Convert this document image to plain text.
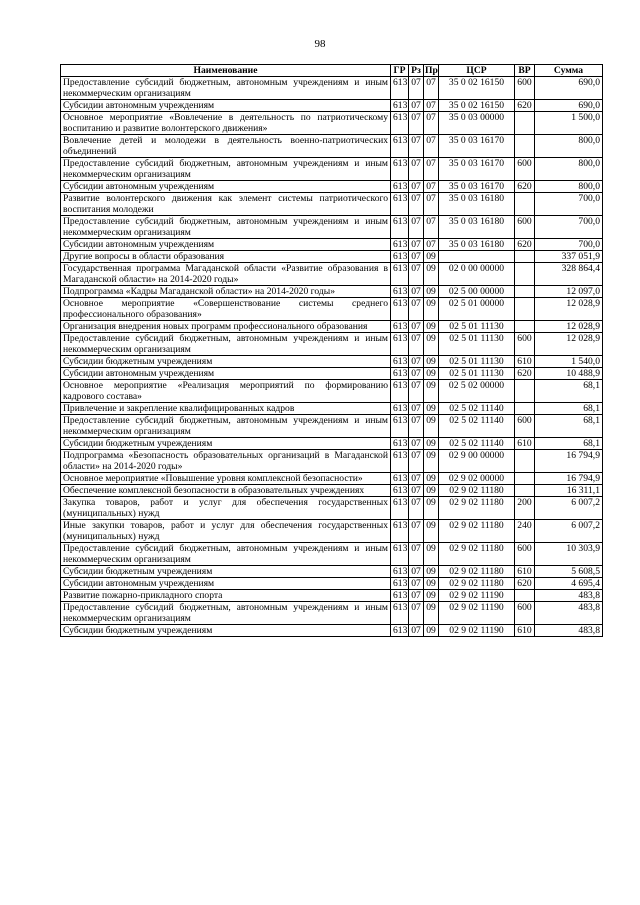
98
Наименование	ГР	Рз	Пр	ЦСР	ВР	Сумма
Предоставление субсидий бюджетным, автономным учреждениям и иным некоммерческим организациям	613	07	07	35 0 02 16150	600	690,0
Субсидии автономным учреждениям	613	07	07	35 0 02 16150	620	690,0
Основное мероприятие «Вовлечение в деятельность по патриотическому воспитанию и развитие волонтерского движения»	613	07	07	35 0 03 00000		1 500,0
Вовлечение детей и молодежи в деятельность военно-патриотических объединений	613	07	07	35 0 03 16170		800,0
Предоставление субсидий бюджетным, автономным учреждениям и иным некоммерческим организациям	613	07	07	35 0 03 16170	600	800,0
Субсидии автономным учреждениям	613	07	07	35 0 03 16170	620	800,0
Развитие волонтерского движения как элемент системы патриотического воспитания молодежи	613	07	07	35 0 03 16180		700,0
Предоставление субсидий бюджетным, автономным учреждениям и иным некоммерческим организациям	613	07	07	35 0 03 16180	600	700,0
Субсидии автономным учреждениям	613	07	07	35 0 03 16180	620	700,0
Другие вопросы в области образования	613	07	09			337 051,9
Государственная программа Магаданской области «Развитие образования в Магаданской области» на 2014-2020 годы»	613	07	09	02 0 00 00000		328 864,4
Подпрограмма «Кадры Магаданской области» на 2014-2020 годы»	613	07	09	02 5 00 00000		12 097,0
Основное мероприятие «Совершенствование системы среднего профессионального образования»	613	07	09	02 5 01 00000		12 028,9
Организация внедрения новых программ профессионального образования	613	07	09	02 5 01 11130		12 028,9
Предоставление субсидий бюджетным, автономным учреждениям и иным некоммерческим организациям	613	07	09	02 5 01 11130	600	12 028,9
Субсидии бюджетным учреждениям	613	07	09	02 5 01 11130	610	1 540,0
Субсидии автономным учреждениям	613	07	09	02 5 01 11130	620	10 488,9
Основное мероприятие «Реализация мероприятий по формированию кадрового состава»	613	07	09	02 5 02 00000		68,1
Привлечение и закрепление квалифицированных кадров	613	07	09	02 5 02 11140		68,1
Предоставление субсидий бюджетным, автономным учреждениям и иным некоммерческим организациям	613	07	09	02 5 02 11140	600	68,1
Субсидии бюджетным учреждениям	613	07	09	02 5 02 11140	610	68,1
Подпрограмма «Безопасность образовательных организаций в Магаданской области» на 2014-2020 годы»	613	07	09	02 9 00 00000		16 794,9
Основное мероприятие «Повышение уровня комплексной безопасности»	613	07	09	02 9 02 00000		16 794,9
Обеспечение комплексной безопасности в образовательных учреждениях	613	07	09	02 9 02 11180		16 311,1
Закупка товаров, работ и услуг для обеспечения государственных (муниципальных) нужд	613	07	09	02 9 02 11180	200	6 007,2
Иные закупки товаров, работ и услуг для обеспечения государственных (муниципальных) нужд	613	07	09	02 9 02 11180	240	6 007,2
Предоставление субсидий бюджетным, автономным учреждениям и иным некоммерческим организациям	613	07	09	02 9 02 11180	600	10 303,9
Субсидии бюджетным учреждениям	613	07	09	02 9 02 11180	610	5 608,5
Субсидии автономным учреждениям	613	07	09	02 9 02 11180	620	4 695,4
Развитие пожарно-прикладного спорта	613	07	09	02 9 02 11190		483,8
Предоставление субсидий бюджетным, автономным учреждениям и иным некоммерческим организациям	613	07	09	02 9 02 11190	600	483,8
Субсидии бюджетным учреждениям	613	07	09	02 9 02 11190	610	483,8
